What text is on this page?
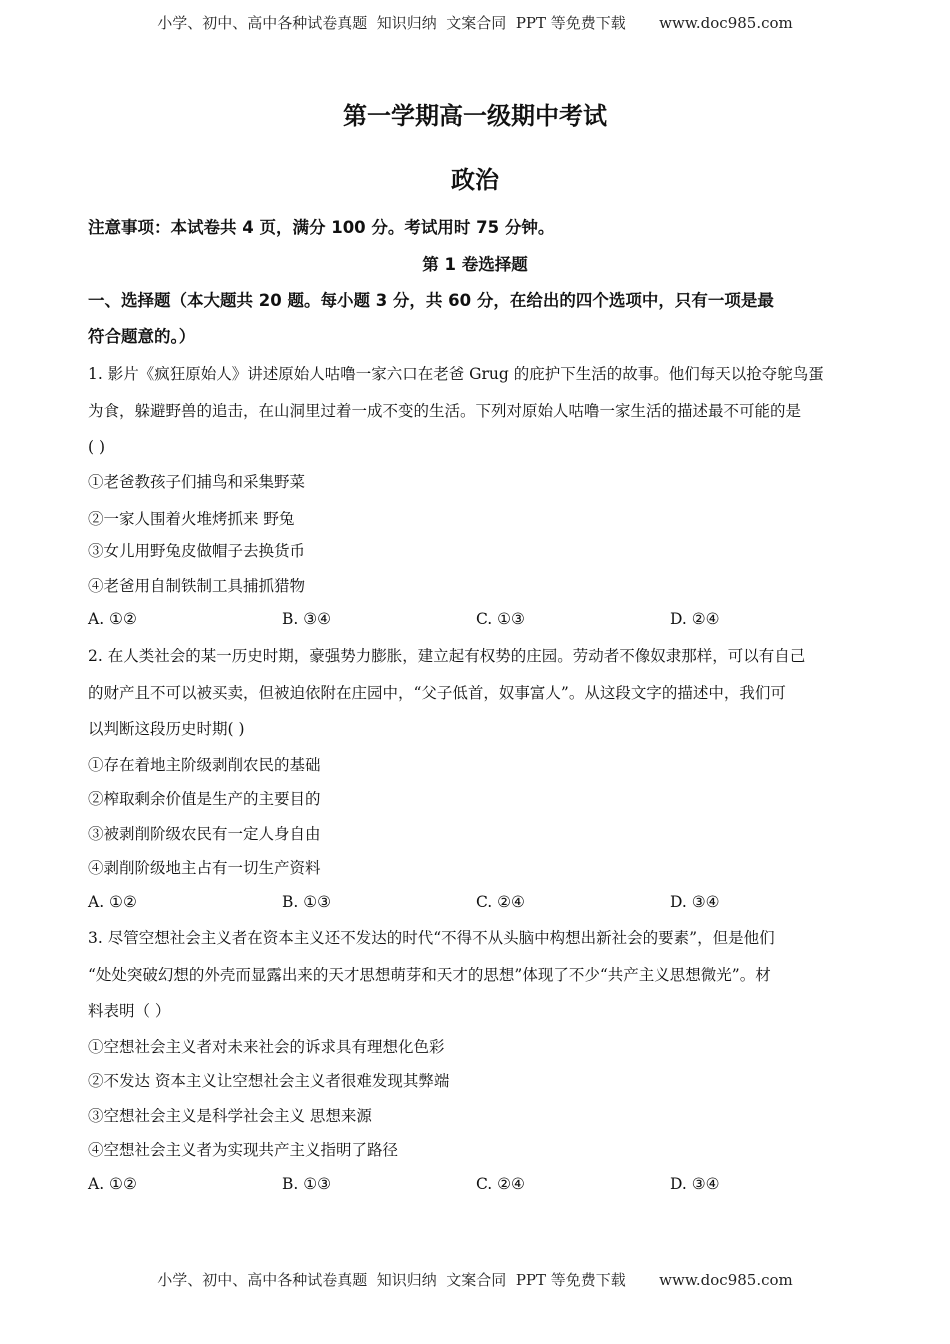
小学、初中、高中各种试卷真题  知识归纳  文案合同  PPT 等免费下载       www.doc985.com
第一学期高一级期中考试
政治
注意事项：本试卷共 4 页，满分 100 分。考试用时 75 分钟。
第 1 卷选择题
一、选择题（本大题共 20 题。每小题 3 分，共 60 分，在给出的四个选项中，只有一项是最
符合题意的。）
1. 影片《疯狂原始人》讲述原始人咕噜一家六口在老爸 Grug 的庇护下生活的故事。他们每天以抢夺鸵鸟蛋
为食，躲避野兽的追击，在山洞里过着一成不变的生活。下列对原始人咕噜一家生活的描述最不可能的是
( )
①老爸教孩子们捕鸟和采集野菜
②一家人围着火堆烤抓来 野兔
③女儿用野兔皮做帽子去换货币
④老爸用自制铁制工具捕抓猎物
A. ①②	B. ③④	C. ①③	D. ②④
2. 在人类社会的某一历史时期，豪强势力膨胀，建立起有权势的庄园。劳动者不像奴隶那样，可以有自己
的财产且不可以被买卖，但被迫依附在庄园中，“父子低首，奴事富人”。从这段文字的描述中，我们可
以判断这段历史时期( )
①存在着地主阶级剥削农民的基础
②榨取剩余价值是生产的主要目的
③被剥削阶级农民有一定人身自由
④剥削阶级地主占有一切生产资料
A. ①②	B. ①③	C. ②④	D. ③④
3. 尽管空想社会主义者在资本主义还不发达的时代“不得不从头脑中构想出新社会的要素”，但是他们
“处处突破幻想的外壳而显露出来的天才思想萌芽和天才的思想”体现了不少“共产主义思想微光”。材
料表明（ ）
①空想社会主义者对未来社会的诉求具有理想化色彩
②不发达 资本主义让空想社会主义者很难发现其弊端
③空想社会主义是科学社会主义 思想来源
④空想社会主义者为实现共产主义指明了路径
A. ①②	B. ①③	C. ②④	D. ③④
小学、初中、高中各种试卷真题  知识归纳  文案合同  PPT 等免费下载       www.doc985.com
